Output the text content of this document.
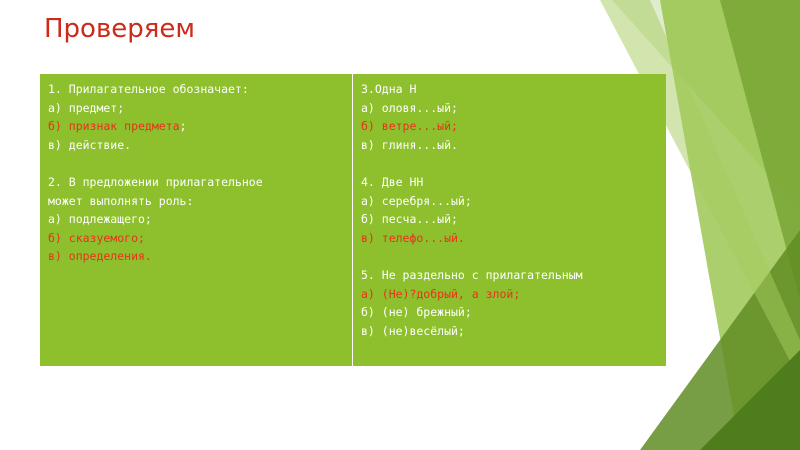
Проверяем
1. Прилагательное обозначает:
а) предмет;
б) признак предмета;
в) действие.
2. В предложении прилагательное
может выполнять роль:
а) подлежащего;
б) сказуемого;
в) определения.
3.Одна Н
а) оловя...ый;
б) ветре...ый;
в) глиня...ый.
4. Две НН
а) серебря...ый;
б) песча...ый;
в) телефо...ый.
5. Не раздельно с прилагательным
а) (Не)?добрый, а злой;
б) (не) брежный;
в) (не)весёлый;
